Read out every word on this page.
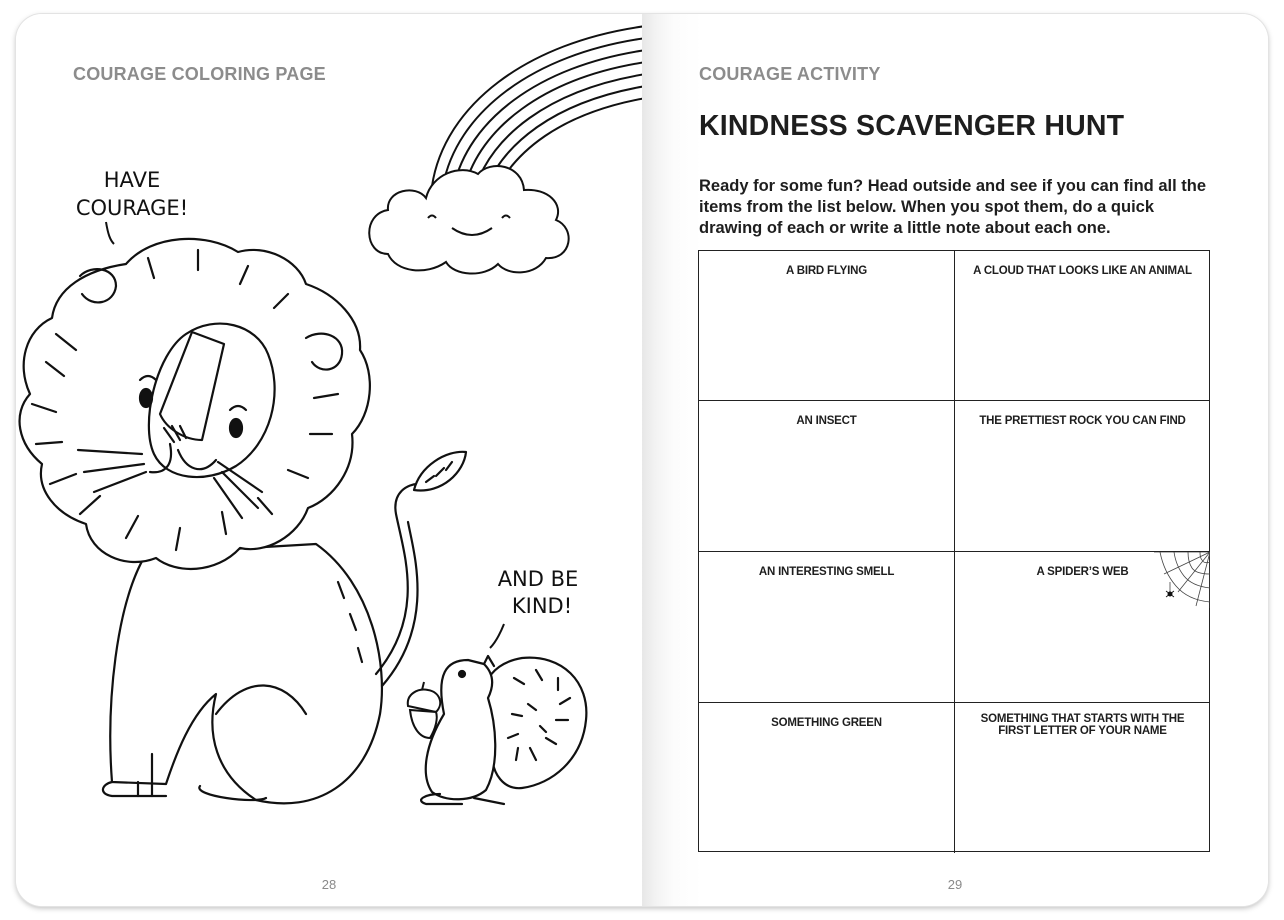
COURAGE COLORING PAGE
HAVE
COURAGE!
AND BE
KIND!
28
COURAGE ACTIVITY
KINDNESS SCAVENGER HUNT
Ready for some fun? Head outside and see if you can find all the items from the list below. When you spot them, do a quick drawing of each or write a little note about each one.
A BIRD FLYING	A CLOUD THAT LOOKS LIKE AN ANIMAL
AN INSECT	THE PRETTIEST ROCK YOU CAN FIND
AN INTERESTING SMELL	A SPIDER’S WEB
SOMETHING GREEN	SOMETHING THAT STARTS WITH THE FIRST LETTER OF YOUR NAME
29
